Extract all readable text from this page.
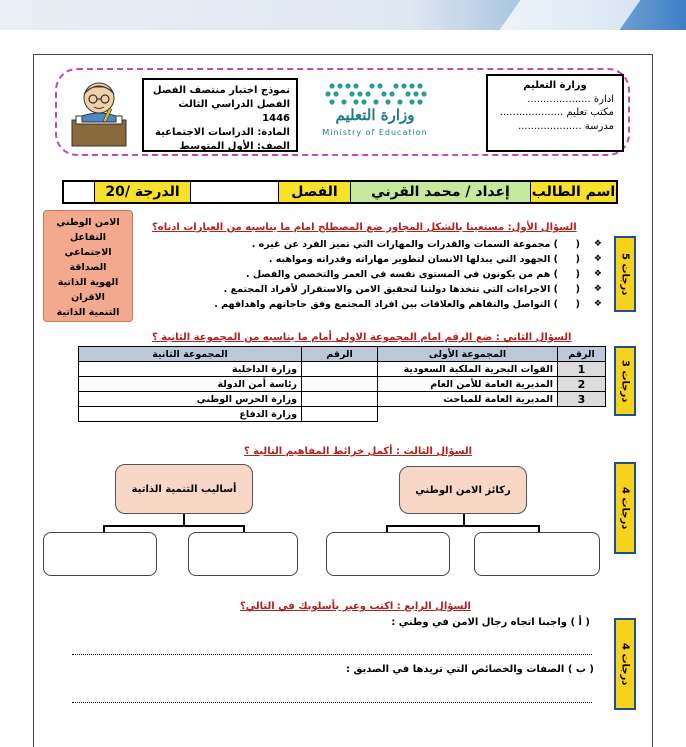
وزارة التعليم
ادارة ....................
مكتب تعليم ....................
مدرسة ....................
وزارة التعليم
Ministry of Education
نموذج اختبار منتصف الفصل
الفصل الدراسي الثالث 1446
المادة: الدراسات الاجتماعية
الصف: الأول المتوسط
اسم الطالب
إعداد / محمد القرني
الفصل
الدرجة /20
السؤال الأول: مستعينا بالشكل المجاور ضع المصطلح امام ما يناسبه من العبارات ادناه؟
5 درجات
الامن الوطني
التفاعل الاجتماعي
الصداقة
الهوية الذاتية
الاقران
التنمية الذاتية
❖
(
) مجموعة السمات والقدرات والمهارات التي تميز الفرد عن غيره .
❖
(
) الجهود التي يبذلها الانسان لتطوير مهاراته وقدراته ومواهبه .
❖
(
) هم من يكونون في المستوى نفسه في العمر والتخصص والفصل .
❖
(
) الاجراءات التي تتخذها دولتنا لتحقيق الامن والاستقرار لأفراد المجتمع .
❖
(
) التواصل والتفاهم والعلاقات بين افراد المجتمع وفق حاجاتهم واهدافهم .
السؤال الثاني : ضع الرقم امام المجموعة الاولى أمام ما يناسبه من المجموعة الثانية ؟
3 درجات
الرقم	المجموعة الأولى	الرقم	المجموعة الثانية
1	القوات البحرية الملكية السعودية		وزارة الداخلية
2	المديرية العامة للأمن العام		رئاسة أمن الدولة
3	المديرية العامة للمباحث		وزارة الحرس الوطني
			وزارة الدفاع
السؤال الثالث : أكمل خرائط المفاهيم التالية ؟
4 درجات
أساليب التنمية الذاتية	ركائز الامن الوطني
السؤال الرابع : اكتب وعبر بأسلوبك في التالي؟
4 درجات
( أ ) واجبنا اتجاه رجال الامن في وطني :
( ب ) الصفات والخصائص التي تريدها في الصديق :
